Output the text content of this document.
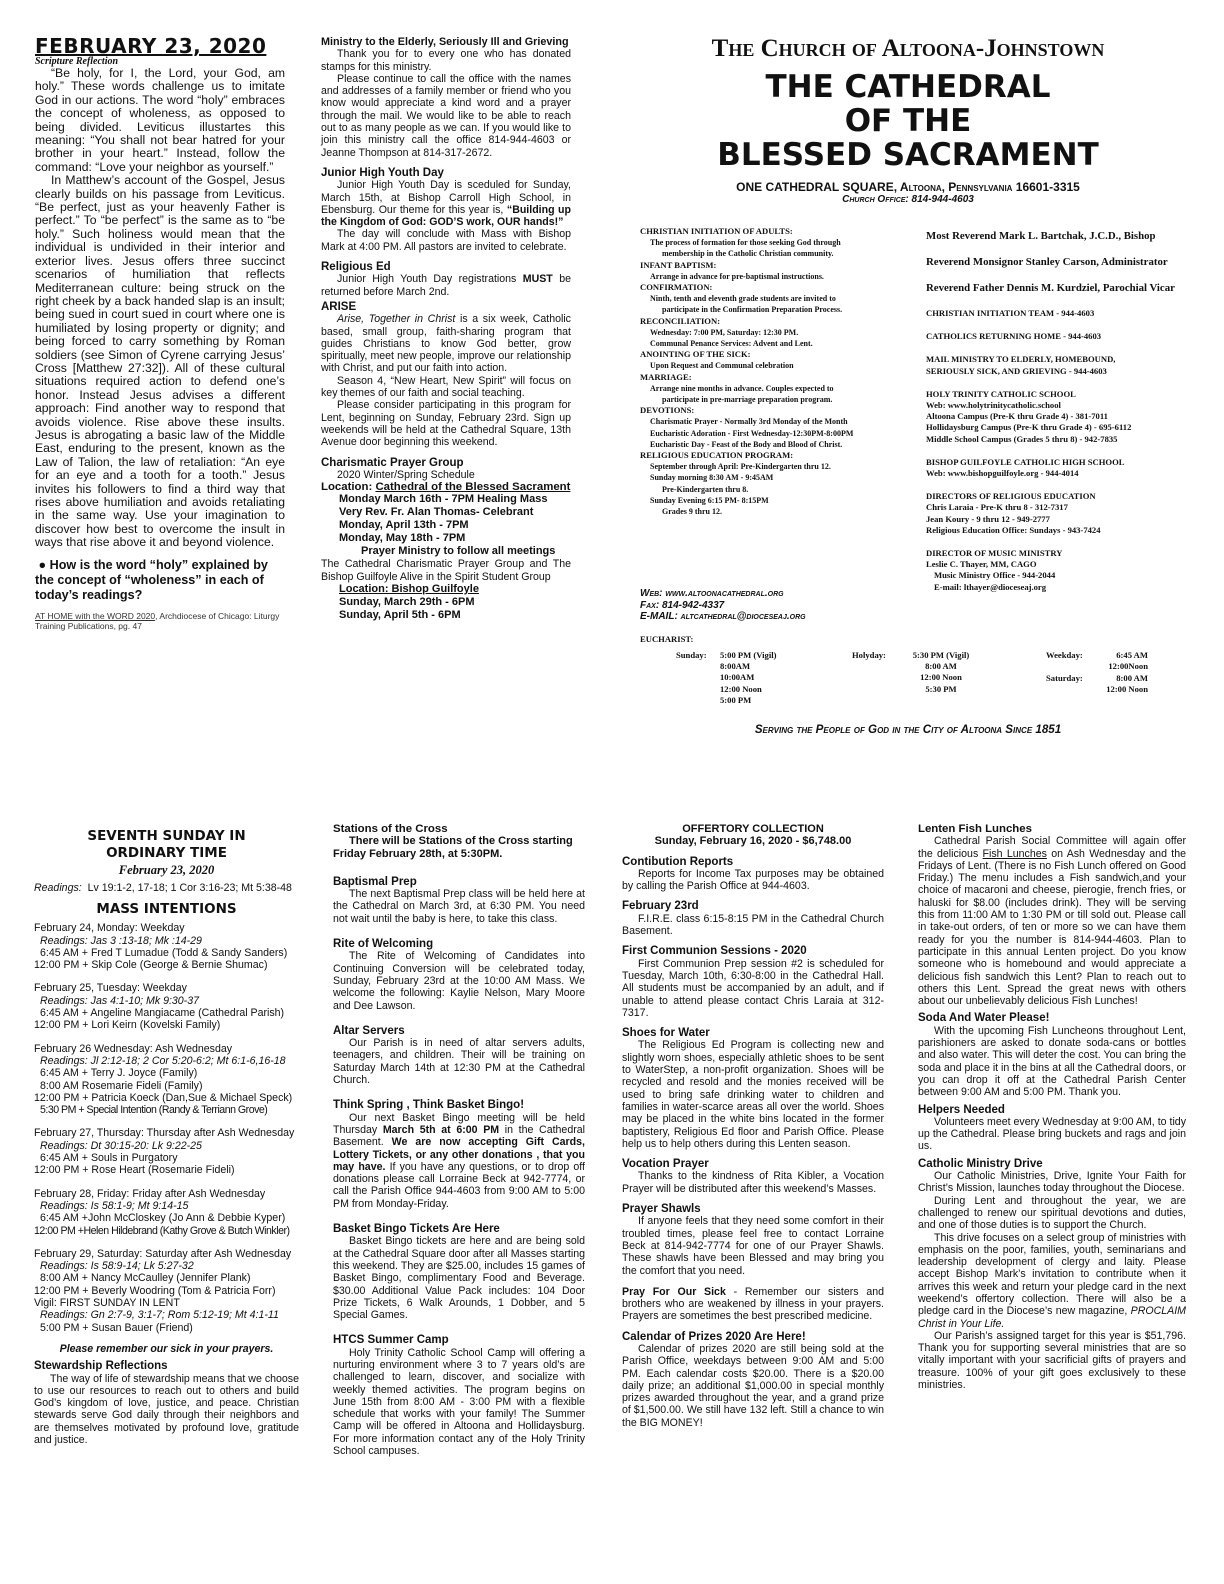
FEBRUARY 23, 2020
Scripture Reflection

“Be holy, for I, the Lord, your God, am holy.” These words challenge us to imitate God in our actions. The word “holy” embraces the concept of wholeness, as opposed to being divided. Leviticus illustartes this meaning: “You shall not bear hatred for your brother in your heart.” Instead, follow the command: “Love your neighbor as yourself.”

In Matthew’s account of the Gospel, Jesus clearly builds on his passage from Leviticus. “Be perfect, just as your heavenly Father is perfect.” To “be perfect” is the same as to “be holy.” Such holiness would mean that the individual is undivided in their interior and exterior lives. Jesus offers three succinct scenarios of humiliation that reflects Mediterranean culture: being struck on the right cheek by a back handed slap is an insult; being sued in court sued in court where one is humiliated by losing property or dignity; and being forced to carry something by Roman soldiers (see Simon of Cyrene carrying Jesus’ Cross [Matthew 27:32]). All of these cultural situations required action to defend one’s honor. Instead Jesus advises a different approach: Find another way to respond that avoids violence. Rise above these insults. Jesus is abrogating a basic law of the Middle East, enduring to the present, known as the Law of Talion, the law of retaliation: “An eye for an eye and a tooth for a tooth.” Jesus invites his followers to find a third way that rises above humiliation and avoids retaliating in the same way. Use your imagination to discover how best to overcome the insult in ways that rise above it and beyond violence.

● How is the word “holy” explained by the concept of “wholeness” in each of today’s readings?

AT HOME with the WORD 2020, Archdiocese of Chicago: Liturgy Training Publications, pg. 47

Ministry to the Elderly, Seriously Ill and Grieving

Thank you for to every one who has donated stamps for this ministry.

Please continue to call the office with the names and addresses of a family member or friend who you know would appreciate a kind word and a prayer through the mail. We would like to be able to reach out to as many people as we can. If you would like to join this ministry call the office 814-944-4603 or Jeanne Thompson at 814-317-2672.

Junior High Youth Day

Junior High Youth Day is sceduled for Sunday, March 15th, at Bishop Carroll High School, in Ebensburg. Our theme for this year is, “Building up the Kingdom of God: GOD’S work, OUR hands!”

The day will conclude with Mass with Bishop Mark at 4:00 PM. All pastors are invited to celebrate.

Religious Ed

Junior High Youth Day registrations MUST be returned before March 2nd.

ARISE

Arise, Together in Christ is a six week, Catholic based, small group, faith-sharing program that guides Christians to know God better, grow spiritually, meet new people, improve our relationship with Christ, and put our faith into action.

Season 4, “New Heart, New Spirit” will focus on key themes of our faith and social teaching.

Please consider participating in this program for Lent, beginning on Sunday, February 23rd. Sign up weekends will be held at the Cathedral Square, 13th Avenue door beginning this weekend.

Charismatic Prayer Group

2020 Winter/Spring Schedule

Location: Cathedral of the Blessed Sacrament

Monday March 16th - 7PM Healing Mass

Very Rev. Fr. Alan Thomas- Celebrant

Monday, April 13th - 7PM

Monday, May 18th - 7PM

Prayer Ministry to follow all meetings

The Cathedral Charismatic Prayer Group and The Bishop Guilfoyle Alive in the Spirit Student Group

Location: Bishop Guilfoyle

Sunday, March 29th - 6PM

Sunday, April 5th - 6PM

The Church of Altoona-Johnstown
THE CATHEDRAL
OF THE
BLESSED SACRAMENT
ONE CATHEDRAL SQUARE, Altoona, Pennsylvania 16601-3315
Church Office: 814-944-4603
CHRISTIAN INITIATION OF ADULTS:
The process of formation for those seeking God through
membership in the Catholic Christian community.
INFANT BAPTISM:
Arrange in advance for pre-baptismal instructions.
CONFIRMATION:
Ninth, tenth and eleventh grade students are invited to
participate in the Confirmation Preparation Process.
RECONCILIATION:
Wednesday: 7:00 PM, Saturday: 12:30 PM.
Communal Penance Services: Advent and Lent.
ANOINTING OF THE SICK:
Upon Request and Communal celebration
MARRIAGE:
Arrange nine months in advance. Couples expected to
participate in pre-marriage preparation program.
DEVOTIONS:
Charismatic Prayer - Normally 3rd Monday of the Month
Eucharistic Adoration - First Wednesday-12:30PM-8:00PM
Eucharistic Day - Feast of the Body and Blood of Christ.
RELIGIOUS EDUCATION PROGRAM:
September through April: Pre-Kindergarten thru 12.
Sunday morning 8:30 AM - 9:45AM
Pre-Kindergarten thru 8.
Sunday Evening 6:15 PM- 8:15PM
Grades 9 thru 12.
Most Reverend Mark L. Bartchak, J.C.D., Bishop
Reverend Monsignor Stanley Carson, Administrator
Reverend Father Dennis M. Kurdziel, Parochial Vicar
CHRISTIAN INITIATION TEAM - 944-4603
CATHOLICS RETURNING HOME - 944-4603
MAIL MINISTRY TO ELDERLY, HOMEBOUND,
SERIOUSLY SICK, AND GRIEVING - 944-4603
HOLY TRINITY CATHOLIC SCHOOL
Web: www.holytrinitycatholic.school
Altoona Campus (Pre-K thru Grade 4) - 381-7011
Hollidaysburg Campus (Pre-K thru Grade 4) - 695-6112
Middle School Campus (Grades 5 thru 8) - 942-7835
BISHOP GUILFOYLE CATHOLIC HIGH SCHOOL
Web: www.bishopguilfoyle.org - 944-4014
DIRECTORS OF RELIGIOUS EDUCATION
Chris Laraia - Pre-K thru 8 - 312-7317
Jean Koury - 9 thru 12 - 949-2777
Religious Education Office: Sundays - 943-7424
DIRECTOR OF MUSIC MINISTRY
Leslie C. Thayer, MM, CAGO
Music Ministry Office - 944-2044
E-mail: lthayer@dioceseaj.org
Web: www.altoonacathedral.org
Fax: 814-942-4337
E-MAIL: altcathedral@dioceseaj.org
EUCHARIST:
Sunday: 5:00 PM (Vigil)
8:00AM
10:00AM
12:00 Noon
5:00 PM
Holyday:	5:30 PM (Vigil)
8:00 AM
12:00 Noon
5:30 PM
Weekday:	6:45 AM
12:00Noon
Saturday:	8:00 AM
12:00 Noon
Serving the People of God in the City of Altoona Since 1851
SEVENTH SUNDAY IN
ORDINARY TIME
February 23, 2020

Readings: Lv 19:1-2, 17-18; 1 Cor 3:16-23; Mt 5:38-48

MASS INTENTIONS

February 24, Monday: Weekday

Readings: Jas 3 :13-18; Mk :14-29

6:45 AM + Fred T Lumadue (Todd & Sandy Sanders)

12:00 PM + Skip Cole (George & Bernie Shumac)

February 25, Tuesday: Weekday

Readings: Jas 4:1-10; Mk 9:30-37

6:45 AM + Angeline Mangiacame (Cathedral Parish)

12:00 PM + Lori Keirn (Kovelski Family)

February 26 Wednesday: Ash Wednesday

Readings: Jl 2:12-18; 2 Cor 5:20-6:2; Mt 6:1-6,16-18

6:45 AM + Terry J. Joyce (Family)

8:00 AM Rosemarie Fideli (Family)

12:00 PM + Patricia Koeck (Dan,Sue & Michael Speck)

5:30 PM + Special Intention (Randy & Terriann Grove)

February 27, Thursday: Thursday after Ash Wednesday

Readings: Dt 30:15-20: Lk 9:22-25

6:45 AM + Souls in Purgatory

12:00 PM + Rose Heart (Rosemarie Fideli)

February 28, Friday: Friday after Ash Wednesday

Readings: Is 58:1-9; Mt 9:14-15

6:45 AM +John McCloskey (Jo Ann & Debbie Kyper)

12:00 PM +Helen Hildebrand (Kathy Grove & Butch Winkler)

February 29, Saturday: Saturday after Ash Wednesday

Readings: Is 58:9-14; Lk 5:27-32

8:00 AM + Nancy McCaulley (Jennifer Plank)

12:00 PM + Beverly Woodring (Tom & Patricia Forr)

Vigil: FIRST SUNDAY IN LENT

Readings: Gn 2:7-9, 3:1-7; Rom 5:12-19; Mt 4:1-11

5:00 PM + Susan Bauer (Friend)

Please remember our sick in your prayers.

Stewardship Reflections

The way of life of stewardship means that we choose to use our resources to reach out to others and build God’s kingdom of love, justice, and peace. Christian stewards serve God daily through their neighbors and are themselves motivated by profound love, gratitude and justice.

Stations of the Cross

There will be Stations of the Cross starting Friday February 28th, at 5:30PM.

Baptismal Prep

The next Baptismal Prep class will be held here at the Cathedral on March 3rd, at 6:30 PM. You need not wait until the baby is here, to take this class.

Rite of Welcoming

The Rite of Welcoming of Candidates into Continuing Conversion will be celebrated today, Sunday, February 23rd at the 10:00 AM Mass. We welcome the following: Kaylie Nelson, Mary Moore and Dee Lawson.

Altar Servers

Our Parish is in need of altar servers adults, teenagers, and children. Their will be training on Saturday March 14th at 12:30 PM at the Cathedral Church.

Think Spring , Think Basket Bingo!

Our next Basket Bingo meeting will be held Thursday March 5th at 6:00 PM in the Cathedral Basement. We are now accepting Gift Cards, Lottery Tickets, or any other donations , that you may have. If you have any questions, or to drop off donations please call Lorraine Beck at 942-7774, or call the Parish Office 944-4603 from 9:00 AM to 5:00 PM from Monday-Friday.

Basket Bingo Tickets Are Here

Basket Bingo tickets are here and are being sold at the Cathedral Square door after all Masses starting this weekend. They are $25.00, includes 15 games of Basket Bingo, complimentary Food and Beverage. $30.00 Additional Value Pack includes: 104 Door Prize Tickets, 6 Walk Arounds, 1 Dobber, and 5 Special Games.

HTCS Summer Camp

Holy Trinity Catholic School Camp will offering a nurturing environment where 3 to 7 years old’s are challenged to learn, discover, and socialize with weekly themed activities. The program begins on June 15th from 8:00 AM - 3:00 PM with a flexible schedule that works with your family! The Summer Camp will be offered in Altoona and Hollidaysburg. For more information contact any of the Holy Trinity School campuses.

OFFERTORY COLLECTION

Sunday, February 16, 2020 - $6,748.00

Contibution Reports

Reports for Income Tax purposes may be obtained by calling the Parish Office at 944-4603.

February 23rd

F.I.R.E. class 6:15-8:15 PM in the Cathedral Church Basement.

First Communion Sessions - 2020

First Communion Prep session #2 is scheduled for Tuesday, March 10th, 6:30-8:00 in the Cathedral Hall. All students must be accompanied by an adult, and if unable to attend please contact Chris Laraia at 312-7317.

Shoes for Water

The Religious Ed Program is collecting new and slightly worn shoes, especially athletic shoes to be sent to WaterStep, a non-profit organization. Shoes will be recycled and resold and the monies received will be used to bring safe drinking water to children and families in water-scarce areas all over the world. Shoes may be placed in the white bins located in the former baptistery, Religious Ed floor and Parish Office. Please help us to help others during this Lenten season.

Vocation Prayer

Thanks to the kindness of Rita Kibler, a Vocation Prayer will be distributed after this weekend’s Masses.

Prayer Shawls

If anyone feels that they need some comfort in their troubled times, please feel free to contact Lorraine Beck at 814-942-7774 for one of our Prayer Shawls. These shawls have been Blessed and may bring you the comfort that you need.

Pray For Our Sick - Remember our sisters and brothers who are weakened by illness in your prayers. Prayers are sometimes the best prescribed medicine.

Calendar of Prizes 2020 Are Here!

Calendar of prizes 2020 are still being sold at the Parish Office, weekdays between 9:00 AM and 5:00 PM. Each calendar costs $20.00. There is a $20.00 daily prize; an additional $1,000.00 in special monthly prizes awarded throughout the year, and a grand prize of $1,500.00. We still have 132 left. Still a chance to win the BIG MONEY!

Lenten Fish Lunches

Cathedral Parish Social Committee will again offer the delicious Fish Lunches on Ash Wednesday and the Fridays of Lent. (There is no Fish Lunch offered on Good Friday.) The menu includes a Fish sandwich,and your choice of macaroni and cheese, pierogie, french fries, or haluski for $8.00 (includes drink). They will be serving this from 11:00 AM to 1:30 PM or till sold out. Please call in take-out orders, of ten or more so we can have them ready for you the number is 814-944-4603. Plan to participate in this annual Lenten project. Do you know someone who is homebound and would appreciate a delicious fish sandwich this Lent? Plan to reach out to others this Lent. Spread the great news with others about our unbelievably delicious Fish Lunches!

Soda And Water Please!

With the upcoming Fish Luncheons throughout Lent, parishioners are asked to donate soda-cans or bottles and also water. This will deter the cost. You can bring the soda and place it in the bins at all the Cathedral doors, or you can drop it off at the Cathedral Parish Center between 9:00 AM and 5:00 PM. Thank you.

Helpers Needed

Volunteers meet every Wednesday at 9:00 AM, to tidy up the Cathedral. Please bring buckets and rags and join us.

Catholic Ministry Drive

Our Catholic Ministries, Drive, Ignite Your Faith for Christ’s Mission, launches today throughout the Diocese.

During Lent and throughout the year, we are challenged to renew our spiritual devotions and duties, and one of those duties is to support the Church.

This drive focuses on a select group of ministries with emphasis on the poor, families, youth, seminarians and leadership development of clergy and laity. Please accept Bishop Mark’s invitation to contribute when it arrives this week and return your pledge card in the next weekend’s offertory collection. There will also be a pledge card in the Diocese’s new magazine, PROCLAIM Christ in Your Life.

Our Parish’s assigned target for this year is $51,796. Thank you for supporting several ministries that are so vitally important with your sacrificial gifts of prayers and treasure. 100% of your gift goes exclusively to these ministries.
